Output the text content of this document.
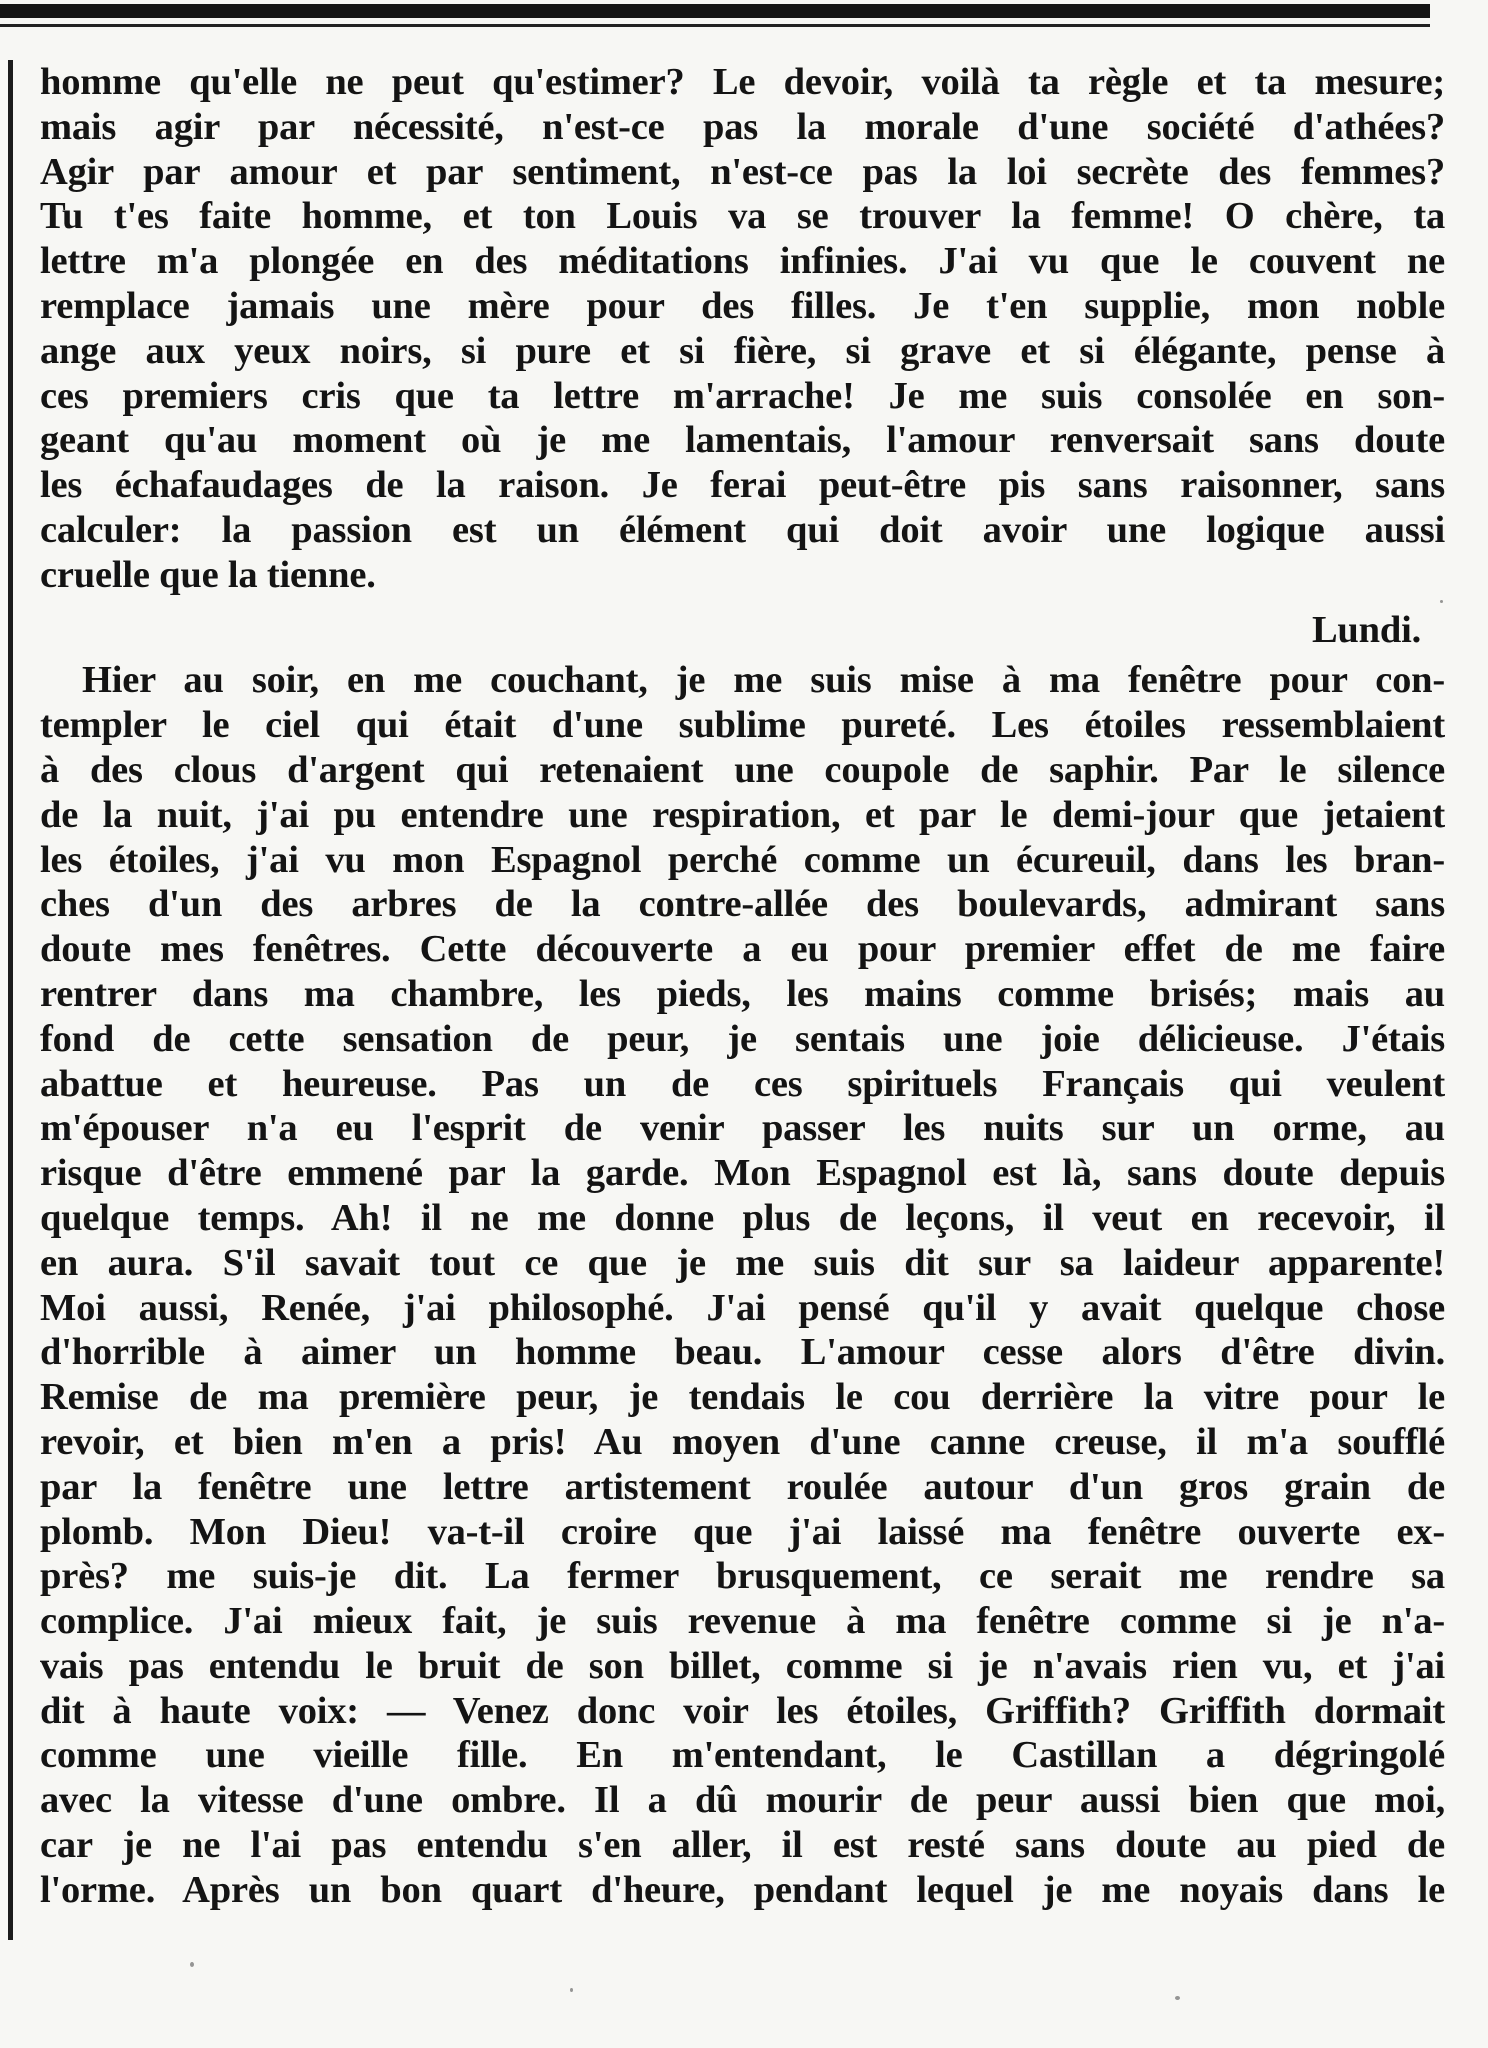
homme qu'elle ne peut qu'estimer? Le devoir, voilà ta règle et ta mesure;
mais agir par nécessité, n'est-ce pas la morale d'une société d'athées?
Agir par amour et par sentiment, n'est-ce pas la loi secrète des femmes?
Tu t'es faite homme, et ton Louis va se trouver la femme! O chère, ta
lettre m'a plongée en des méditations infinies. J'ai vu que le couvent ne
remplace jamais une mère pour des filles. Je t'en supplie, mon noble
ange aux yeux noirs, si pure et si fière, si grave et si élégante, pense à
ces premiers cris que ta lettre m'arrache! Je me suis consolée en son-
geant qu'au moment où je me lamentais, l'amour renversait sans doute
les échafaudages de la raison. Je ferai peut-être pis sans raisonner, sans
calculer: la passion est un élément qui doit avoir une logique aussi
cruelle que la tienne.
Lundi.
Hier au soir, en me couchant, je me suis mise à ma fenêtre pour con-
templer le ciel qui était d'une sublime pureté. Les étoiles ressemblaient
à des clous d'argent qui retenaient une coupole de saphir. Par le silence
de la nuit, j'ai pu entendre une respiration, et par le demi-jour que jetaient
les étoiles, j'ai vu mon Espagnol perché comme un écureuil, dans les bran-
ches d'un des arbres de la contre-allée des boulevards, admirant sans
doute mes fenêtres. Cette découverte a eu pour premier effet de me faire
rentrer dans ma chambre, les pieds, les mains comme brisés; mais au
fond de cette sensation de peur, je sentais une joie délicieuse. J'étais
abattue et heureuse. Pas un de ces spirituels Français qui veulent
m'épouser n'a eu l'esprit de venir passer les nuits sur un orme, au
risque d'être emmené par la garde. Mon Espagnol est là, sans doute depuis
quelque temps. Ah! il ne me donne plus de leçons, il veut en recevoir, il
en aura. S'il savait tout ce que je me suis dit sur sa laideur apparente!
Moi aussi, Renée, j'ai philosophé. J'ai pensé qu'il y avait quelque chose
d'horrible à aimer un homme beau. L'amour cesse alors d'être divin.
Remise de ma première peur, je tendais le cou derrière la vitre pour le
revoir, et bien m'en a pris! Au moyen d'une canne creuse, il m'a soufflé
par la fenêtre une lettre artistement roulée autour d'un gros grain de
plomb. Mon Dieu! va-t-il croire que j'ai laissé ma fenêtre ouverte ex-
près? me suis-je dit. La fermer brusquement, ce serait me rendre sa
complice. J'ai mieux fait, je suis revenue à ma fenêtre comme si je n'a-
vais pas entendu le bruit de son billet, comme si je n'avais rien vu, et j'ai
dit à haute voix: — Venez donc voir les étoiles, Griffith? Griffith dormait
comme une vieille fille. En m'entendant, le Castillan a dégringolé
avec la vitesse d'une ombre. Il a dû mourir de peur aussi bien que moi,
car je ne l'ai pas entendu s'en aller, il est resté sans doute au pied de
l'orme. Après un bon quart d'heure, pendant lequel je me noyais dans le
